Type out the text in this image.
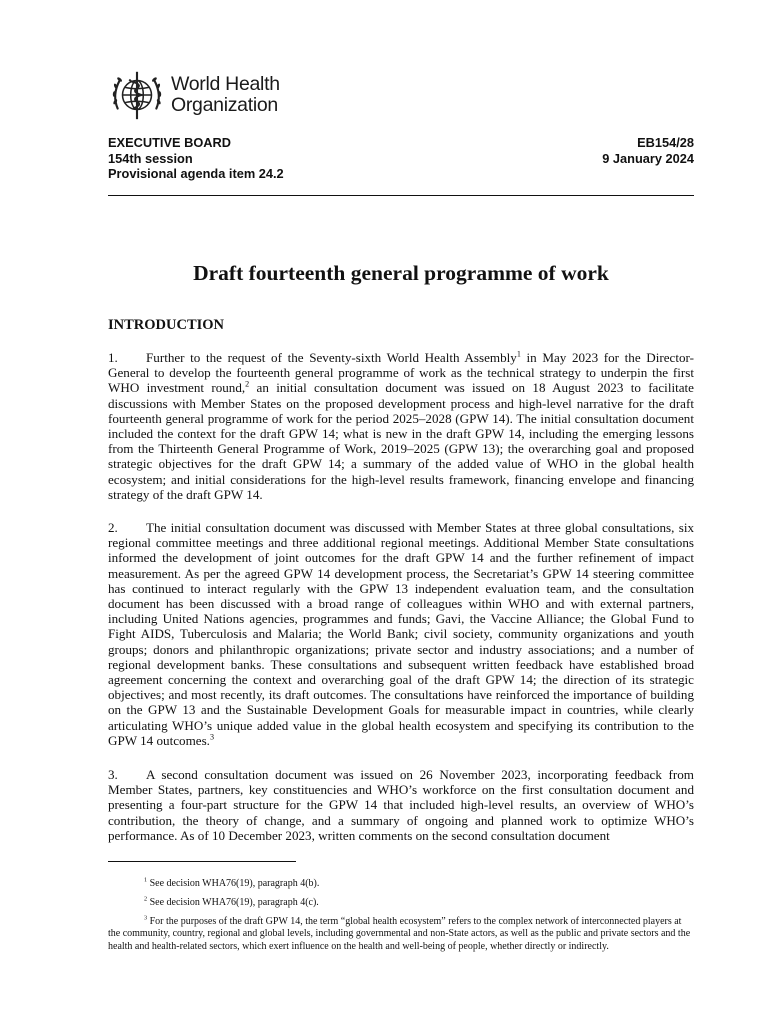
World Health
Organization
EXECUTIVE BOARD
154th session
Provisional agenda item 24.2
EB154/28
9 January 2024
Draft fourteenth general programme of work
INTRODUCTION

1. Further to the request of the Seventy-sixth World Health Assembly$^1$ in May 2023 for the Director-General to develop the fourteenth general programme of work as the technical strategy to underpin the first WHO investment round,$^2$ an initial consultation document was issued on 18 August 2023 to facilitate discussions with Member States on the proposed development process and high-level narrative for the draft fourteenth general programme of work for the period 2025–2028 (GPW 14). The initial consultation document included the context for the draft GPW 14; what is new in the draft GPW 14, including the emerging lessons from the Thirteenth General Programme of Work, 2019–2025 (GPW 13); the overarching goal and proposed strategic objectives for the draft GPW 14; a summary of the added value of WHO in the global health ecosystem; and initial considerations for the high-level results framework, financing envelope and financing strategy of the draft GPW 14.

2. The initial consultation document was discussed with Member States at three global consultations, six regional committee meetings and three additional regional meetings. Additional Member State consultations informed the development of joint outcomes for the draft GPW 14 and the further refinement of impact measurement. As per the agreed GPW 14 development process, the Secretariat’s GPW 14 steering committee has continued to interact regularly with the GPW 13 independent evaluation team, and the consultation document has been discussed with a broad range of colleagues within WHO and with external partners, including United Nations agencies, programmes and funds; Gavi, the Vaccine Alliance; the Global Fund to Fight AIDS, Tuberculosis and Malaria; the World Bank; civil society, community organizations and youth groups; donors and philanthropic organizations; private sector and industry associations; and a number of regional development banks. These consultations and subsequent written feedback have established broad agreement concerning the context and overarching goal of the draft GPW 14; the direction of its strategic objectives; and most recently, its draft outcomes. The consultations have reinforced the importance of building on the GPW 13 and the Sustainable Development Goals for measurable impact in countries, while clearly articulating WHO’s unique added value in the global health ecosystem and specifying its contribution to the GPW 14 outcomes.$^3$

3. A second consultation document was issued on 26 November 2023, incorporating feedback from Member States, partners, key constituencies and WHO’s workforce on the first consultation document and presenting a four-part structure for the GPW 14 that included high-level results, an overview of WHO’s contribution, the theory of change, and a summary of ongoing and planned work to optimize WHO’s performance. As of 10 December 2023, written comments on the second consultation document

$^1$ See decision WHA76(19), paragraph 4(b).

$^2$ See decision WHA76(19), paragraph 4(c).

$^3$ For the purposes of the draft GPW 14, the term “global health ecosystem” refers to the complex network of interconnected players at the community, country, regional and global levels, including governmental and non-State actors, as well as the public and private sectors and the health and health-related sectors, which exert influence on the health and well-being of people, whether directly or indirectly.
